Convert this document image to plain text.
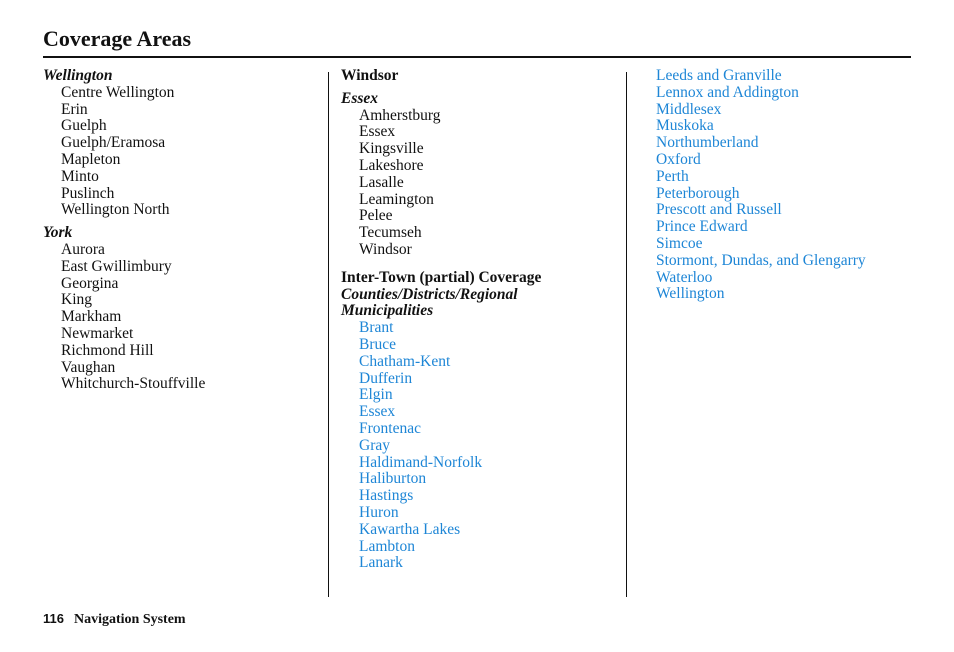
Coverage Areas
Wellington
Centre Wellington
Erin
Guelph
Guelph/Eramosa
Mapleton
Minto
Puslinch
Wellington North
York
Aurora
East Gwillimbury
Georgina
King
Markham
Newmarket
Richmond Hill
Vaughan
Whitchurch-Stouffville
Windsor
Essex
Amherstburg
Essex
Kingsville
Lakeshore
Lasalle
Leamington
Pelee
Tecumseh
Windsor
Inter-Town (partial) Coverage
Counties/Districts/Regional
Municipalities
Brant
Bruce
Chatham-Kent
Dufferin
Elgin
Essex
Frontenac
Gray
Haldimand-Norfolk
Haliburton
Hastings
Huron
Kawartha Lakes
Lambton
Lanark
Leeds and Granville
Lennox and Addington
Middlesex
Muskoka
Northumberland
Oxford
Perth
Peterborough
Prescott and Russell
Prince Edward
Simcoe
Stormont, Dundas, and Glengarry
Waterloo
Wellington
116 Navigation System
